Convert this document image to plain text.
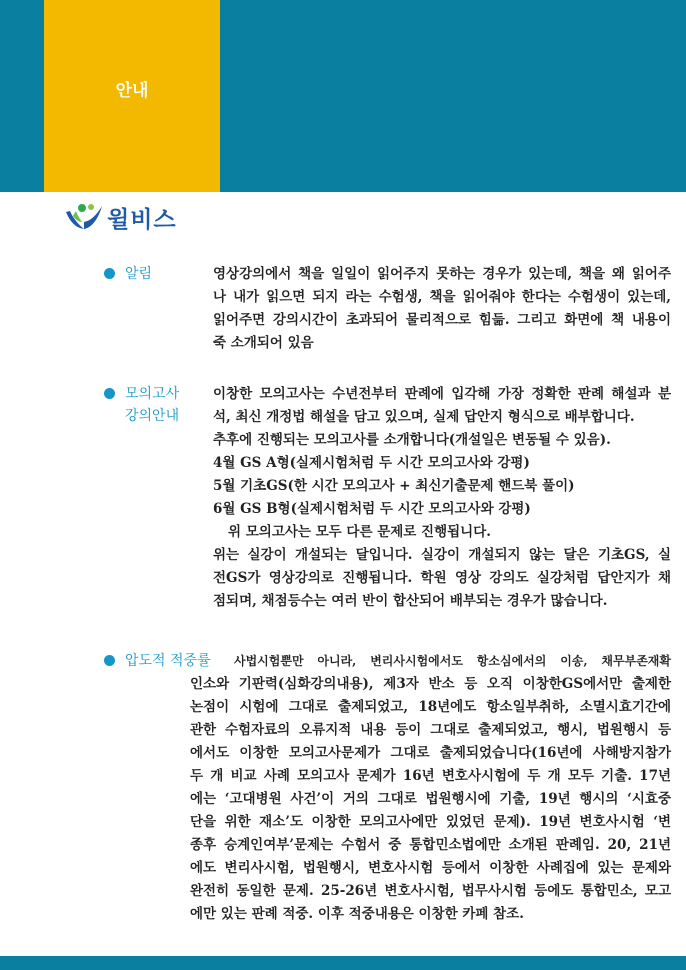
안내
윌비스
알림	영상강의에서 책을 일일이 읽어주지 못하는 경우가 있는데, 책을 왜 읽어주
나 내가 읽으면 되지 라는 수험생, 책을 읽어줘야 한다는 수험생이 있는데,
읽어주면 강의시간이 초과되어 물리적으로 힘듦. 그리고 화면에 책 내용이
죽 소개되어 있음
모의고사
강의안내
이창한 모의고사는 수년전부터 판례에 입각해 가장 정확한 판례 해설과 분
석, 최신 개정법 해설을 담고 있으며, 실제 답안지 형식으로 배부합니다.
추후에 진행되는 모의고사를 소개합니다(개설일은 변동될 수 있음).
4월 GS A형(실제시험처럼 두 시간 모의고사와 강평)
5월 기초GS(한 시간 모의고사 + 최신기출문제 핸드북 풀이)
6월 GS B형(실제시험처럼 두 시간 모의고사와 강평)
위 모의고사는 모두 다른 문제로 진행됩니다.
위는 실강이 개설되는 달입니다. 실강이 개설되지 않는 달은 기초GS, 실
전GS가 영상강의로 진행됩니다. 학원 영상 강의도 실강처럼 답안지가 채
점되며, 채점등수는 여러 반이 합산되어 배부되는 경우가 많습니다.
압도적 적중률	사법시험뿐만 아니라, 변리사시험에서도 항소심에서의 이송, 채무부존재확
인소와 기판력(심화강의내용), 제3자 반소 등 오직 이창한GS에서만 출제한
논점이 시험에 그대로 출제되었고, 18년에도 항소일부취하, 소멸시효기간에
관한 수험자료의 오류지적 내용 등이 그대로 출제되었고, 행시, 법원행시 등
에서도 이창한 모의고사문제가 그대로 출제되었습니다(16년에 사해방지참가
두 개 비교 사례 모의고사 문제가 16년 변호사시험에 두 개 모두 기출. 17년
에는 ‘고대병원 사건’이 거의 그대로 법원행시에 기출, 19년 행시의 ‘시효중
단을 위한 재소’도 이창한 모의고사에만 있었던 문제). 19년 변호사시험 ‘변
종후 승계인여부’문제는 수험서 중 통합민소법에만 소개된 판례임. 20, 21년
에도 변리사시험, 법원행시, 변호사시험 등에서 이창한 사례집에 있는 문제와
완전히 동일한 문제. 25-26년 변호사시험, 법무사시험 등에도 통합민소, 모고
에만 있는 판례 적중. 이후 적중내용은 이창한 카페 참조.
